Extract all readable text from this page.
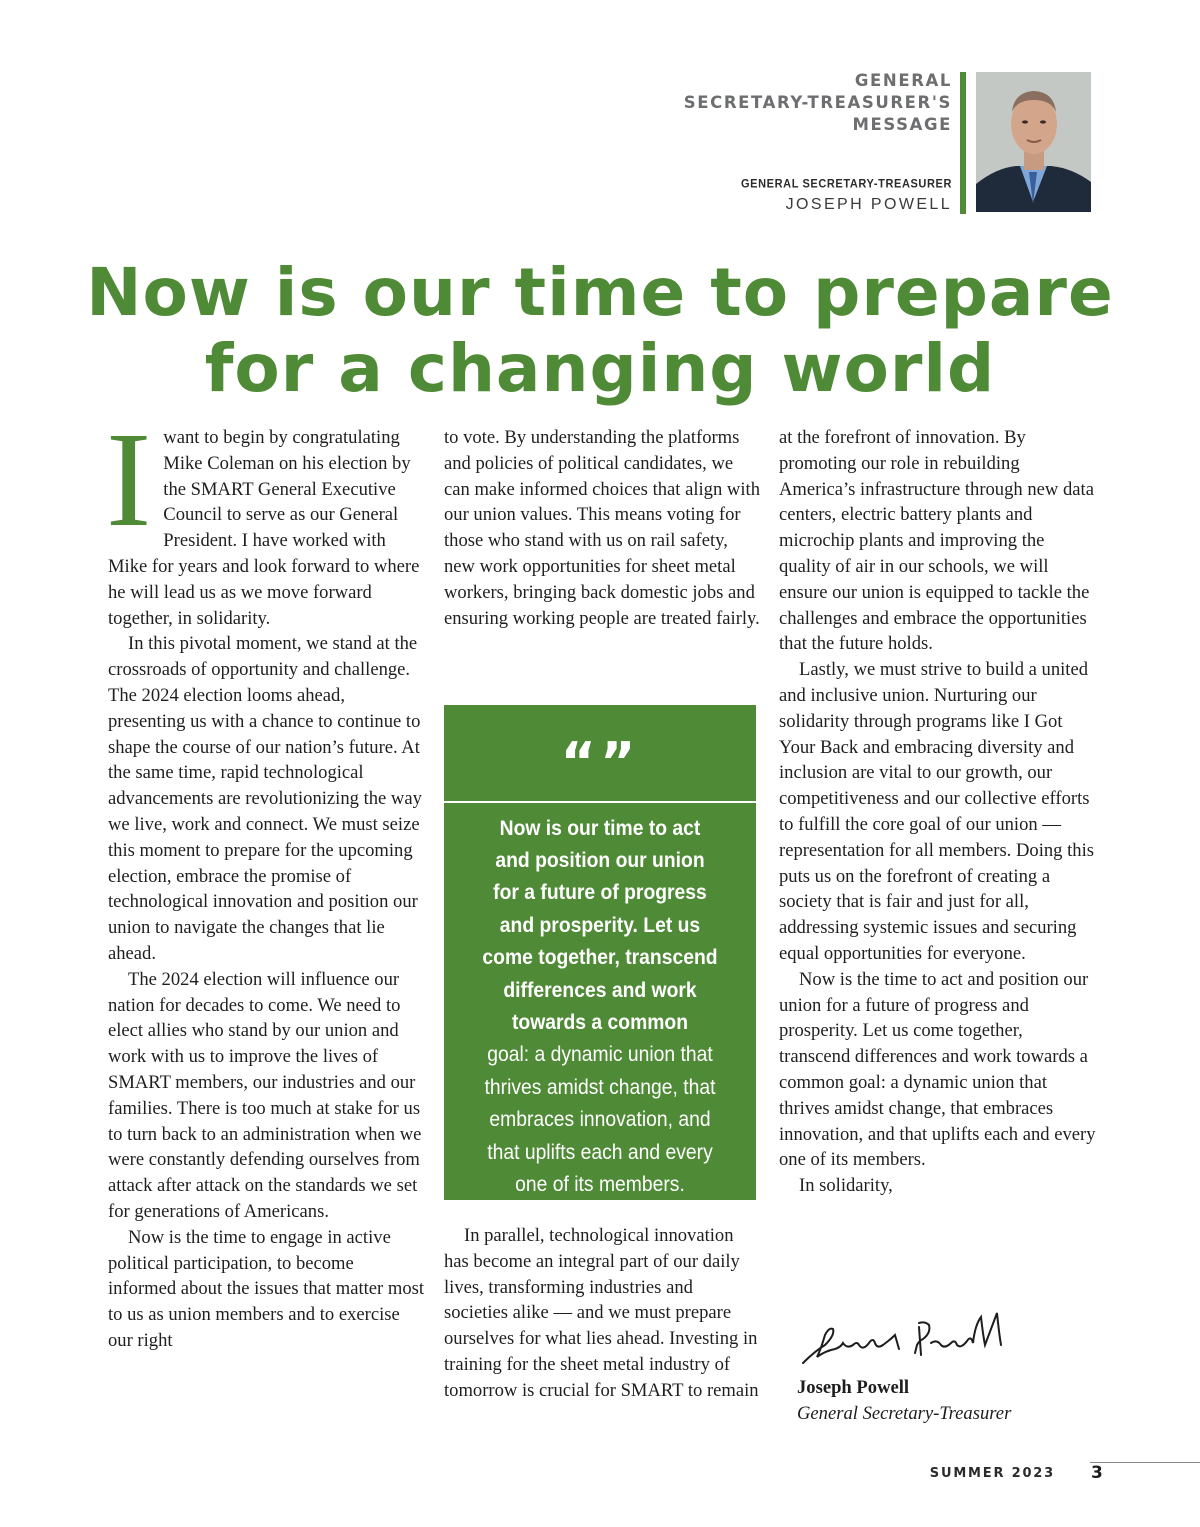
GENERAL
SECRETARY-TREASURER'S
MESSAGE
GENERAL SECRETARY-TREASURER
JOSEPH POWELL
Now is our time to prepare
for a changing world

Iwant to begin by congratulating Mike Coleman on his election by the SMART General Executive Council to serve as our General President. I have worked with Mike for years and look forward to where he will lead us as we move forward together, in solidarity.

In this pivotal moment, we stand at the crossroads of opportunity and challenge. The 2024 election looms ahead, presenting us with a chance to continue to shape the course of our nation’s future. At the same time, rapid technological advancements are revolutionizing the way we live, work and connect. We must seize this moment to prepare for the upcoming election, embrace the promise of technological innovation and position our union to navigate the changes that lie ahead.

The 2024 election will influence our nation for decades to come. We need to elect allies who stand by our union and work with us to improve the lives of SMART members, our industries and our families. There is too much at stake for us to turn back to an administration when we were constantly defending ourselves from attack after attack on the standards we set for generations of Americans.

Now is the time to engage in active political participation, to become informed about the issues that matter most to us as union members and to exercise our right

to vote. By understanding the platforms and policies of political candidates, we can make informed choices that align with our union values. This means voting for those who stand with us on rail safety, new work opportunities for sheet metal workers, bringing back domestic jobs and ensuring working people are treated fairly.

“”
Now is our time to act and position our union for a future of progress and prosperity. Let us come together, transcend differences and work towards a common
goal: a dynamic union that thrives amidst change, that embraces innovation, and that uplifts each and every one of its members.

In parallel, technological innovation has become an integral part of our daily lives, transforming industries and societies alike — and we must prepare ourselves for what lies ahead. Investing in training for the sheet metal industry of tomorrow is crucial for SMART to remain

at the forefront of innovation. By promoting our role in rebuilding America’s infrastructure through new data centers, electric battery plants and microchip plants and improving the quality of air in our schools, we will ensure our union is equipped to tackle the challenges and embrace the opportunities that the future holds.

Lastly, we must strive to build a united and inclusive union. Nurturing our solidarity through programs like I Got Your Back and embracing diversity and inclusion are vital to our growth, our competitiveness and our collective efforts to fulfill the core goal of our union — representation for all members. Doing this puts us on the forefront of creating a society that is fair and just for all, addressing systemic issues and securing equal opportunities for everyone.

Now is the time to act and position our union for a future of progress and prosperity. Let us come together, transcend differences and work towards a common goal: a dynamic union that thrives amidst change, that embraces innovation, and that uplifts each and every one of its members.

In solidarity,

Joseph Powell
General Secretary-Treasurer
SUMMER 2023 3
